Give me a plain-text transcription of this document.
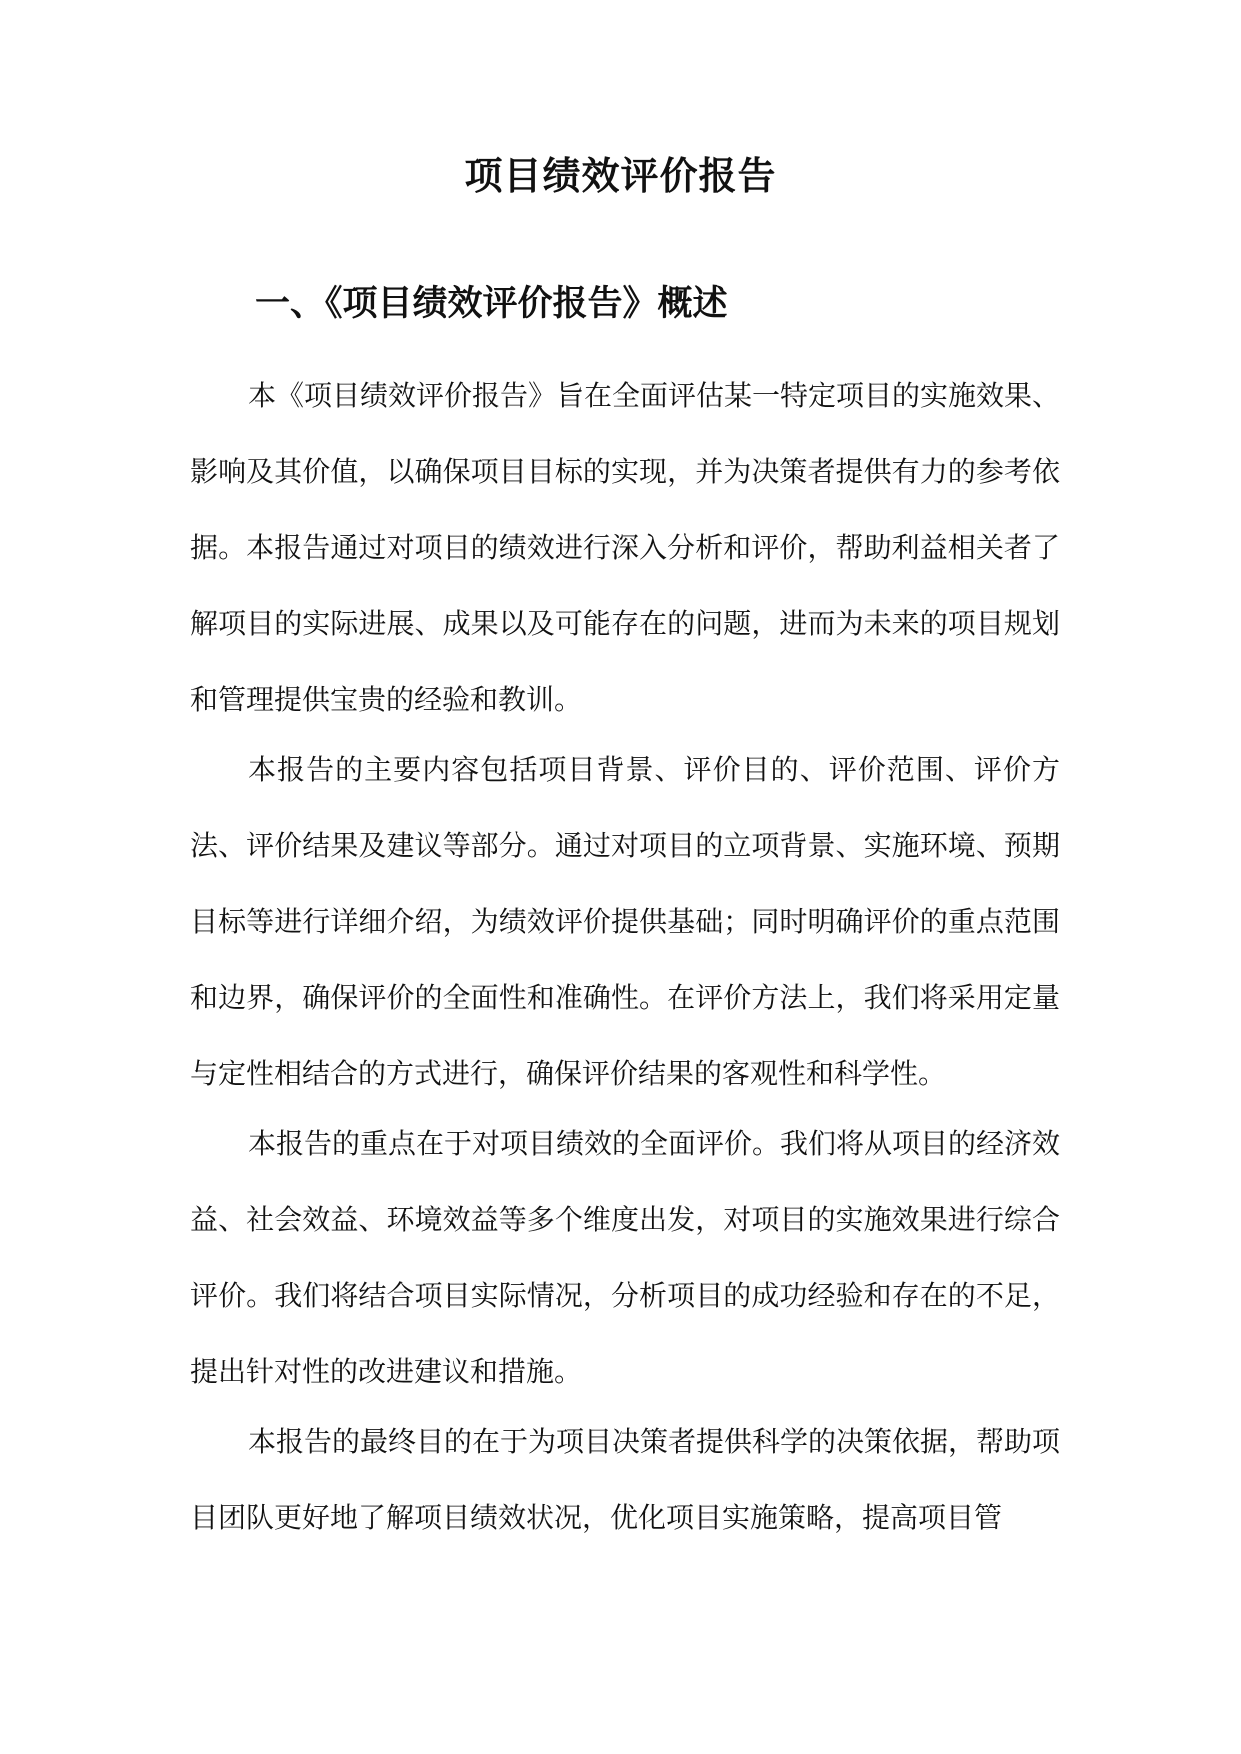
项目绩效评价报告
一、《项目绩效评价报告》概述
本《项目绩效评价报告》旨在全面评估某一特定项目的实施效果、影响及其价值，以确保项目目标的实现，并为决策者提供有力的参考依据。本报告通过对项目的绩效进行深入分析和评价，帮助利益相关者了解项目的实际进展、成果以及可能存在的问题，进而为未来的项目规划和管理提供宝贵的经验和教训。
本报告的主要内容包括项目背景、评价目的、评价范围、评价方法、评价结果及建议等部分。通过对项目的立项背景、实施环境、预期目标等进行详细介绍，为绩效评价提供基础；同时明确评价的重点范围和边界，确保评价的全面性和准确性。在评价方法上，我们将采用定量与定性相结合的方式进行，确保评价结果的客观性和科学性。
本报告的重点在于对项目绩效的全面评价。我们将从项目的经济效益、社会效益、环境效益等多个维度出发，对项目的实施效果进行综合评价。我们将结合项目实际情况，分析项目的成功经验和存在的不足，提出针对性的改进建议和措施。
本报告的最终目的在于为项目决策者提供科学的决策依据，帮助项目团队更好地了解项目绩效状况，优化项目实施策略，提高项目管
